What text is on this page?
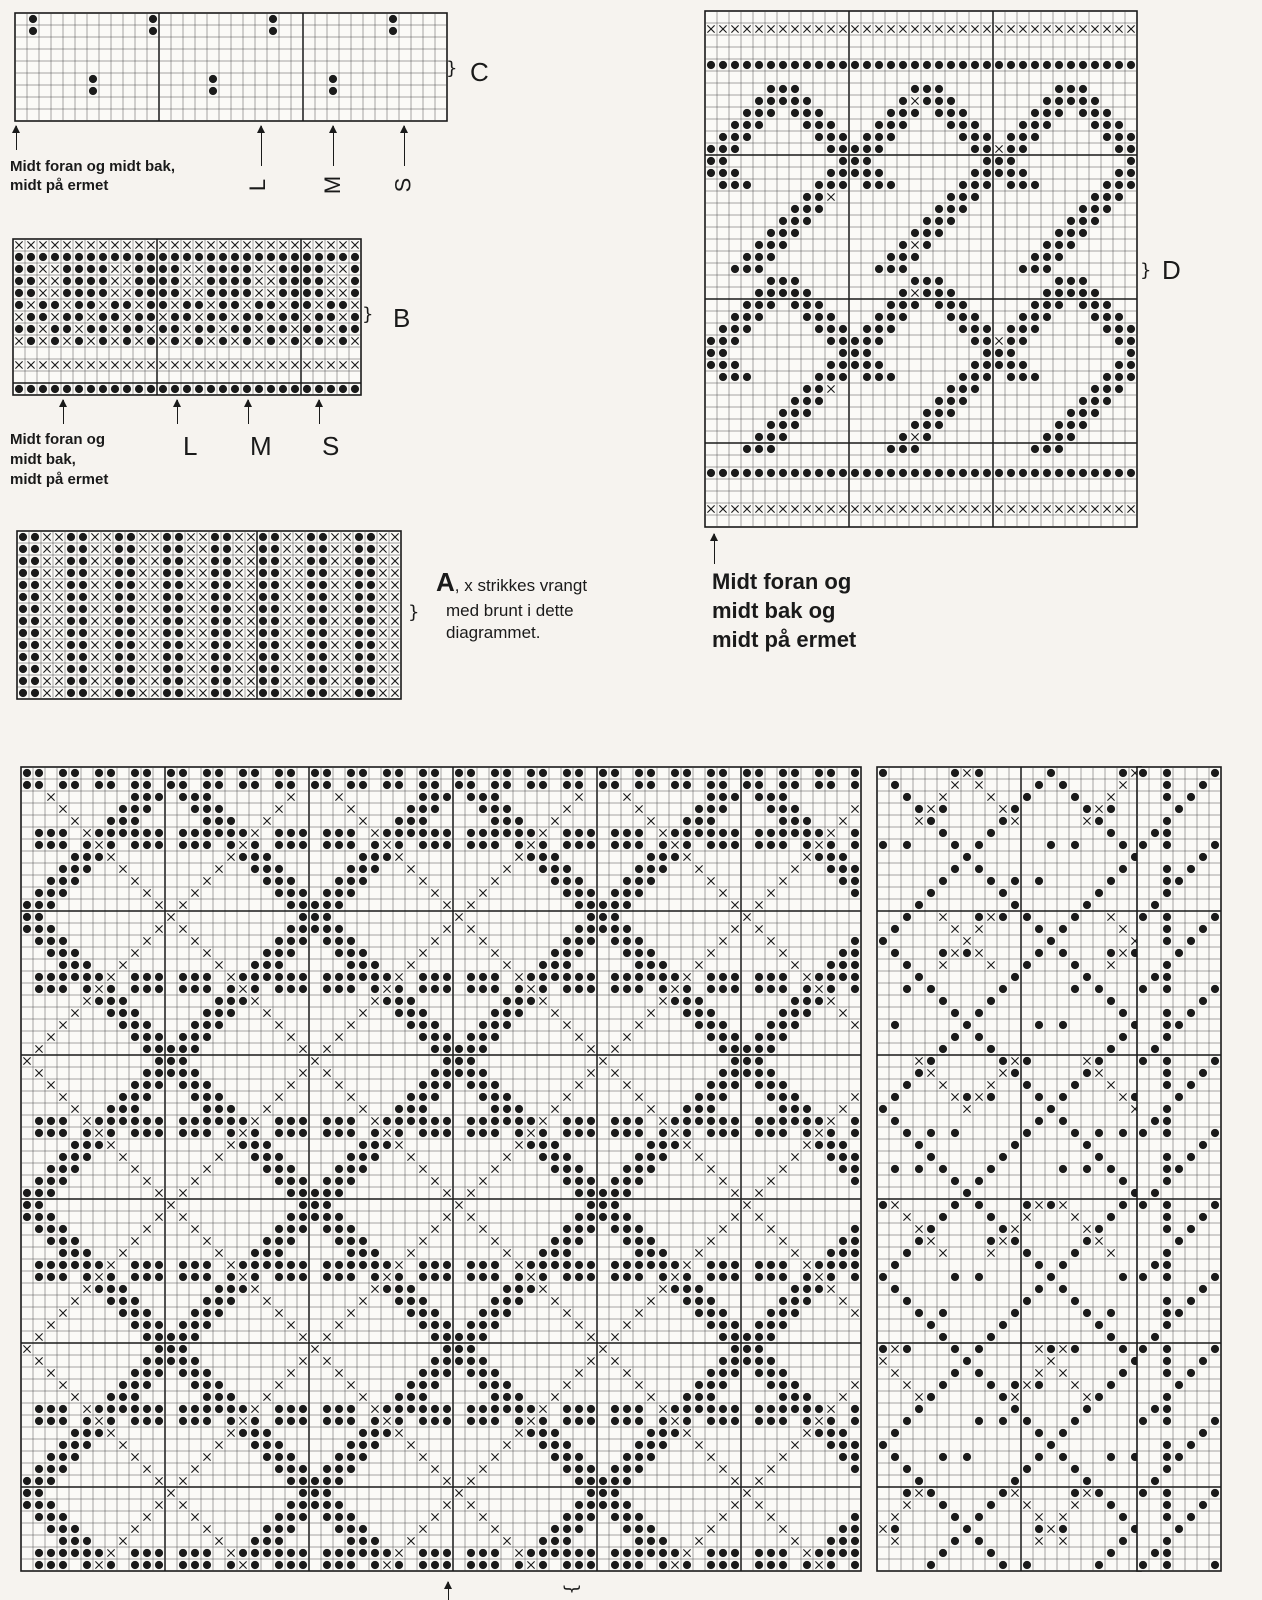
} C
Midt foran og midt bak,
midt på ermet	L M S
} B
Midt foran og
midt bak,
midt på ermet
L M S
}
A, x strikkes vrangt
med brunt i dette
diagrammet.
} D
Midt foran og
midt bak og
midt på ermet
}
